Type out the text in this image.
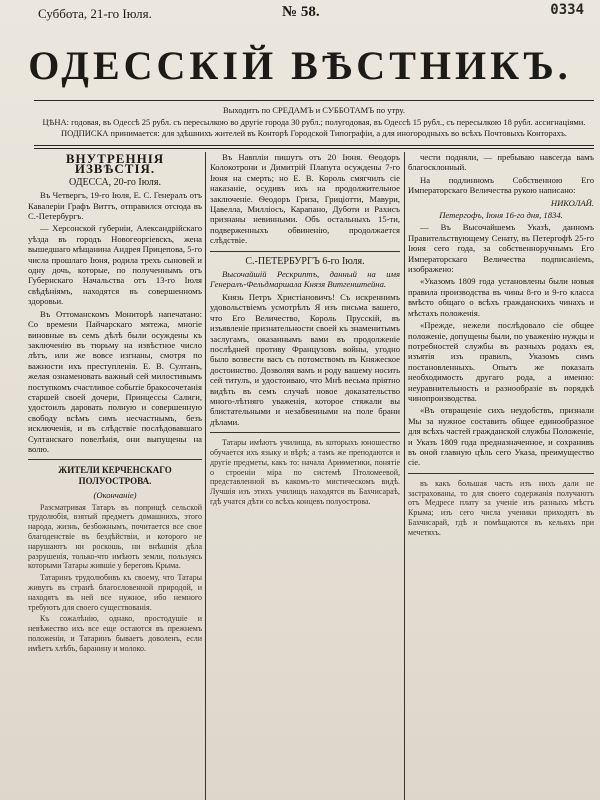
Суббота, 21-го Іюля.	№ 58.	0334
ОДЕССКІЙ ВѢСТНИКЪ.
Выходитъ по СРЕДАМЪ и СУББОТАМЪ по утру.
ЦѢНА: годовая, въ Одессѣ 25 рубл. съ пересылкою во другіе города 30 рубл.; полугодовая, въ Одессѣ 15 рубл., съ пересылкою 18 рубл. ассигнаціями.
ПОДПИСКА принимается: для здѣшнихъ жителей въ Конторѣ Городской Типографіи, а для иногородныхъ во всѣхъ Почтовыхъ Конторахъ.
ВНУТРЕННІЯ ИЗВѢСТІЯ.
ОДЕССА, 20-го Іюля.

Въ Четвергъ, 19-го Іюля, Е. С. Генералъ отъ Кавалеріи Графъ Виттъ, отправился отсюда въ С.-Петербургъ.

— Херсонской губерніи, Александрійскаго уѣзда въ городъ Новогеоргіевскъ, жена вышедшаго мѣщанина Андрея Прицепова, 5-го числа прошлаго Іюня, родила трехъ сыновей и одну дочь, которые, по полученнымъ отъ Губернскаго Начальства отъ 13-го Іюля свѣдѣніямъ, находятся въ совершенномъ здоровьи.

Въ Оттоманскомъ Мониторѣ напечатано: Со времени Пайчарскаго мятежа, многіе виновные въ семъ дѣлѣ были осуждены къ заключенію въ тюрьму на извѣстное число лѣтъ, или же вовсе изгнаны, смотря по важности ихъ преступленія. Е. В. Султанъ, желая ознаменовать важный сей милостивымъ поступкомъ счастливое событіе бракосочетанія старшей своей дочери, Принцессы Салиги, удостоилъ даровать полную и совершенную свободу всѣмъ симъ несчастнымъ, безъ исключенія, и въ слѣдствіе послѣдовавшаго Султанскаго повелѣнія, они выпущены на волю.

ЖИТЕЛИ КЕРЧЕНСКАГО ПОЛУОСТРОВА.
(Окончаніе)

Разсматривая Татаръ въ поприщѣ сельской трудолюбія, взятый предметъ домашнихъ, этого народа, жизнь, безбожнымъ, почитается все свое благоденствіе въ бездѣйствіи, и которого не нарушаютъ ни роскошь, ни внѣшнія дѣла разрушенія, только-что имѣютъ земли, пользуясь которыми Татары жившіе у береговъ Крыма.

Татаринъ трудолюбивъ къ своему, что Татары живутъ въ странѣ благословенной природой, и находятъ въ ней все нужное, ибо немного требуютъ для своего существованія.

Къ сожалѣнію, однако, простодушіе и невѣжество ихъ все еще остаются въ прежнемъ положеніи, и Татаринъ бываетъ доволенъ, если имѣетъ хлѣбъ, баранину и молоко.

Въ Навпліи пишутъ отъ 20 Іюня. Ѳеодоръ Колокотрони и Димитрій Плапута осуждены 7-го Іюня на смерть; но Е. В. Король смягчилъ сіе наказаніе, осудивъ ихъ на продолжительное заключеніе. Ѳеодоръ Гриза, Гриціотти, Мавури, Цавелла, Миллiосъ, Карапано, Дуботи и Рахисъ признаны невинными. Объ остальныхъ 15-ти, подверженныхъ обвиненію, продолжается слѣдствіе.

С.-ПЕТЕРБУРГЪ 6-го Іюля.

Высочайшій Рескриптъ, данный на имя Генералъ-Фельдмаршала Князя Витгенштейна.

Князь Петръ Христіановичъ! Съ искреннимъ удовольствіемъ усмотрѣлъ Я изъ письма вашего, что Его Величество, Король Прусскій, въ изъявленіе признательности своей къ знаменитымъ заслугамъ, оказаннымъ вами въ продолженіе послѣдней противу Французовъ войны, угодно было возвести васъ съ потомствомъ въ Княжеское достоинство. Дозволяя вамъ и роду вашему носить сей титулъ, и удостоиваю, что Мнѣ весьма пріятно видѣть въ семъ случаѣ новое доказательство много-лѣтняго уваженія, которое стяжали вы блистательными и незабвенными на поле брани дѣлами.

Татары имѣютъ училища, въ которыхъ юношество обучается ихъ языку и вѣрѣ; а тамъ же преподаются и другіе предметы, какъ то: начала Ариѳметики, понятіе о строеніи міра по системѣ Птоломеевой, представленной въ какомъ-то мистическомъ видѣ. Лучшія изъ этихъ училищъ находятся въ Бахчисараѣ, гдѣ учатся дѣти со всѣхъ концевъ полуострова.

чести подняли, — пребываю навсегда вамъ благосклонный.

На подлинномъ Собственною Его Императорскаго Величества рукою написано:

НИКОЛАЙ.
Петергофъ, Іюня 16-го дня, 1834.

— Въ Высочайшемъ Указѣ, данномъ Правительствующему Сенату, въ Петергофѣ 25-го Іюня сего года, за собственноручнымъ Его Императорскаго Величества подписаніемъ, изображено:

«Указомъ 1809 года установлены были новыя правила производства въ чины 8-го и 9-го класса вмѣсто общаго о всѣхъ гражданскихъ чинахъ и мѣстахъ положенія.

«Прежде, нежели послѣдовало сіе общее положеніе, допущены были, по уваженію нужды и потребностей службы въ разныхъ родахъ ея, изъятія изъ правилъ, Указомъ симъ постановленныхъ. Опытъ же показалъ необходимость другаго рода, а именно: неуравнительность и разнообразіе въ порядкѣ чинопроизводства.

«Въ отвращеніе сихъ неудобствъ, признали Мы за нужное составить общее единообразное для всѣхъ частей гражданской службы Положеніе, и Указъ 1809 года предназначенное, и сохранивъ въ оной главную цѣль сего Указа, преимущество сіе.

въ какъ большая часть изъ нихъ дали не застрахованы, то для своего содержанія получаютъ отъ Медресе плату за ученіе изъ разныхъ мѣстъ Крыма; изъ сего числа ученики приходятъ въ Бахчисарай, гдѣ и помѣщаются въ кельяхъ при мечетяхъ.
